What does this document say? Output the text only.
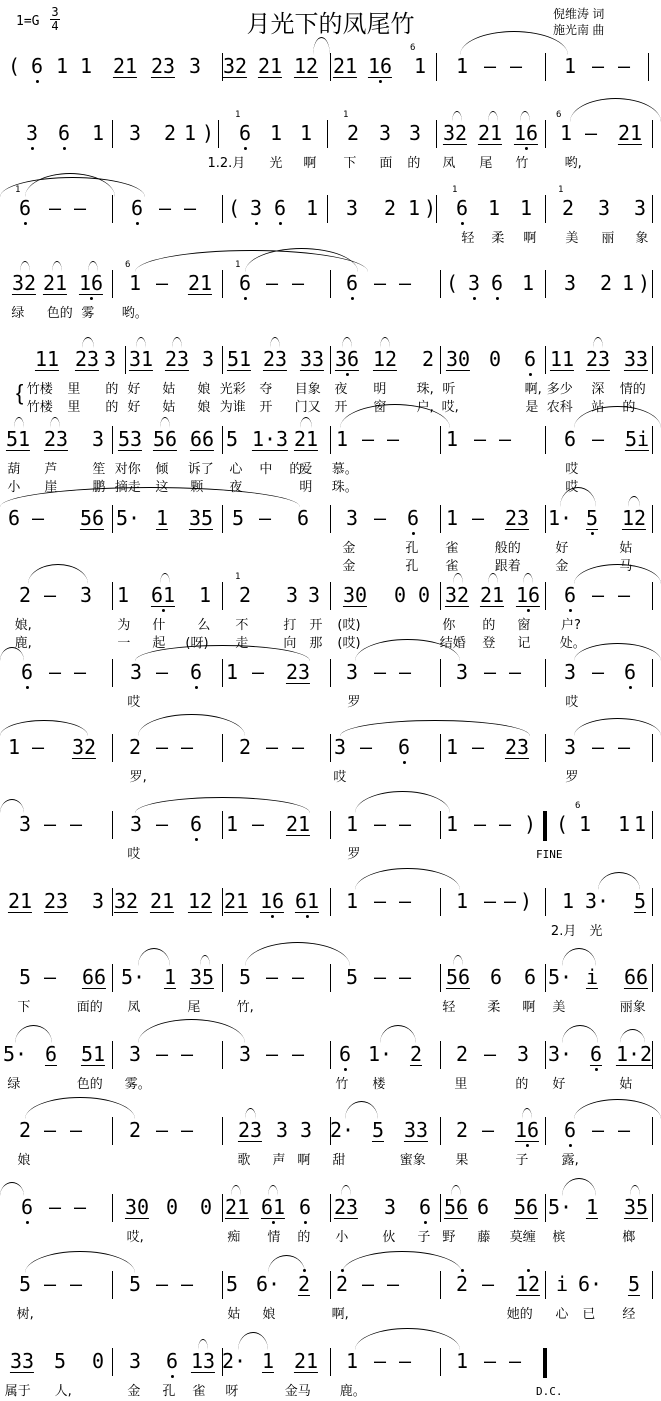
1=G
3
4	月光下的凤尾竹	倪维涛 词
施光南 曲
( 6 1 1 21 23 3 32 21 12 21 16 1
6
1 – – 1 – –
3 6 1 3 2 1 ) 6
1
1 1 2
1
3 3 32 21 16 1
6
– 21
1.2.月 光 啊 下 面 的 凤 尾 竹	哟,
6
1
– – 6 – – ( 3 6 1 3 2 1 ) 6
1
1 1 2
1
3 3
轻 柔 啊 美 丽 象
32 21 16 1
6
– 21 6
1
– – 6 – – ( 3 6 1 3 2 1 )
绿 色的 雾 哟。
11 23 3 31 23 3 51 23 33 36 12 2 30 0 6 11 23 33
竹楼 里 的 好 姑 娘 光彩 夺 目象 夜 明 珠, 听	啊, 多少 深 情的
竹楼 里 的 好 姑 娘 为谁 开 门又 开 窗 户, 哎,	是 农科 站 的
{
51 23 3 53 56 66 5 1·3 21 1 – – 1 – –	6 – 5i
葫 芦	笙 对你 倾 诉了 心 中 的
爱 慕。	哎
小 崖	鹏 摘走 这 颗 夜	明 珠。	哎
6 – 56 5· 1 35 5 – 6 3 – 6 1 – 23 1· 5 12
金	孔 雀	般的	好	姑
金	孔 雀	跟着	金	马
2 – 3 1 61 1 2
1
3 3 30 0 0 32 21 16 6 – –
娘,	为 什 么 不	打 开 (哎)	你 的 窗 户?
鹿,	一 起 (呀) 走	向 那 (哎)	结婚 登 记 处。
6 – – 3 – 6 1 – 23 3 – – 3 – – 3 – 6
哎	罗	哎
1 – 32 2 – – 2 – – 3 – 6 1 – 23 3 – –
罗,	哎	罗
3 – – 3 – 6 1 – 21 1 – – 1 – – ) ( 1
6
1 1
哎	罗	FINE
21 23 3 32 21 12 21 16 61 1 – – 1 – – ) 1 3· 5
2.月 光
5 – 66 5· 1 35 5 – – 5 – – 56 6 6 5· i 66
下	面的 凤	尾	竹,	轻 柔 啊 美	丽象
5· 6 51 3 – – 3 – – 6 1· 2 2 – 3 3· 6 1·2
绿	色的 雾。	竹 楼	里	的 好	姑
2 – – 2 – – 23 3 3 2· 5 33 2 – 16 6 – –
娘	歌 声 啊 甜	蜜象 果	子	露,
6 – – 30 0 0 21 61 6 23 3 6 56 6 56 5· 1 35
哎,	痴 情 的 小	伙 子 野 藤 莫缠 槟	榔
5 – – 5 – – 5 6· 2 2 – –	2 – 12 i 6· 5
树,	姑 娘	啊,	她的 心 已 经
33 5 0 3 6 13 2· 1 21 1 – – 1 – –
属于 人,	金 孔 雀 呀	金马 鹿。	D.C.
